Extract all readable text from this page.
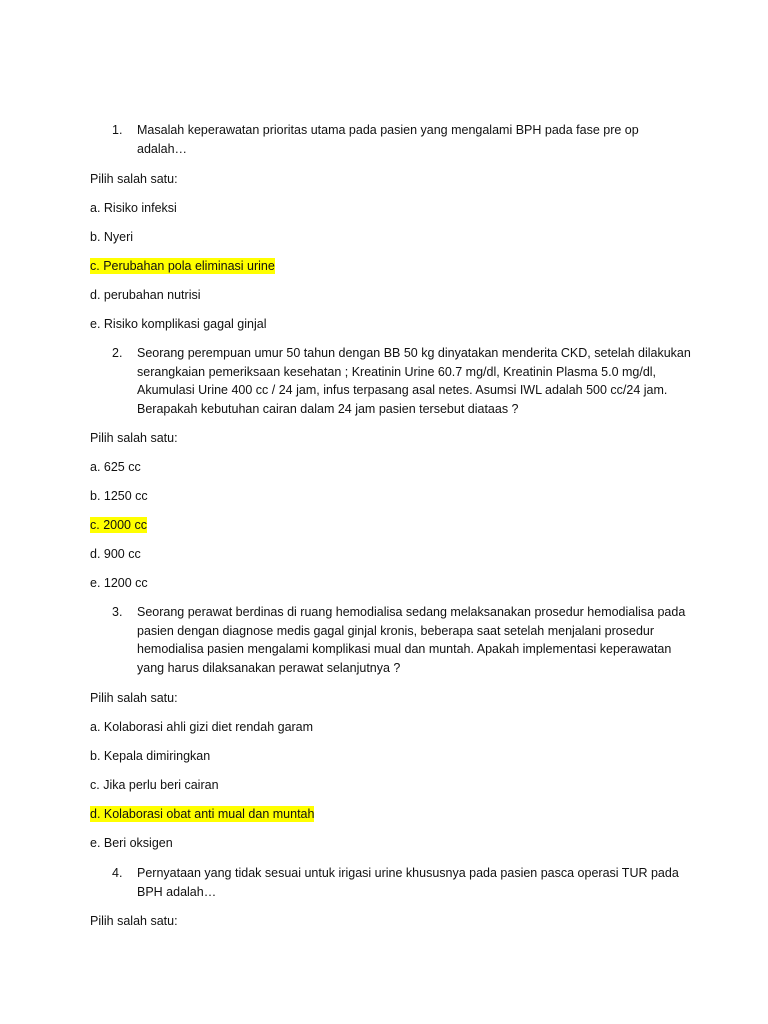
1. Masalah keperawatan prioritas utama pada pasien yang mengalami BPH pada fase pre op adalah…
Pilih salah satu:
a. Risiko infeksi
b. Nyeri
c. Perubahan pola eliminasi urine
d. perubahan nutrisi
e. Risiko komplikasi gagal ginjal
2. Seorang perempuan umur 50 tahun dengan BB 50 kg dinyatakan menderita CKD, setelah dilakukan serangkaian pemeriksaan kesehatan ; Kreatinin Urine 60.7 mg/dl, Kreatinin Plasma 5.0 mg/dl, Akumulasi Urine 400 cc / 24 jam, infus terpasang asal netes. Asumsi IWL adalah 500 cc/24 jam. Berapakah kebutuhan cairan dalam 24 jam pasien tersebut diataas ?
Pilih salah satu:
a. 625 cc
b. 1250 cc
c. 2000 cc
d. 900 cc
e. 1200 cc
3. Seorang perawat berdinas di ruang hemodialisa sedang melaksanakan prosedur hemodialisa pada pasien dengan diagnose medis gagal ginjal kronis, beberapa saat setelah menjalani prosedur hemodialisa pasien mengalami komplikasi mual dan muntah. Apakah implementasi keperawatan yang harus dilaksanakan perawat selanjutnya ?
Pilih salah satu:
a. Kolaborasi ahli gizi diet rendah garam
b. Kepala dimiringkan
c. Jika perlu beri cairan
d. Kolaborasi obat anti mual dan muntah
e. Beri oksigen
4. Pernyataan yang tidak sesuai untuk irigasi urine khususnya pada pasien pasca operasi TUR pada BPH adalah…
Pilih salah satu:
